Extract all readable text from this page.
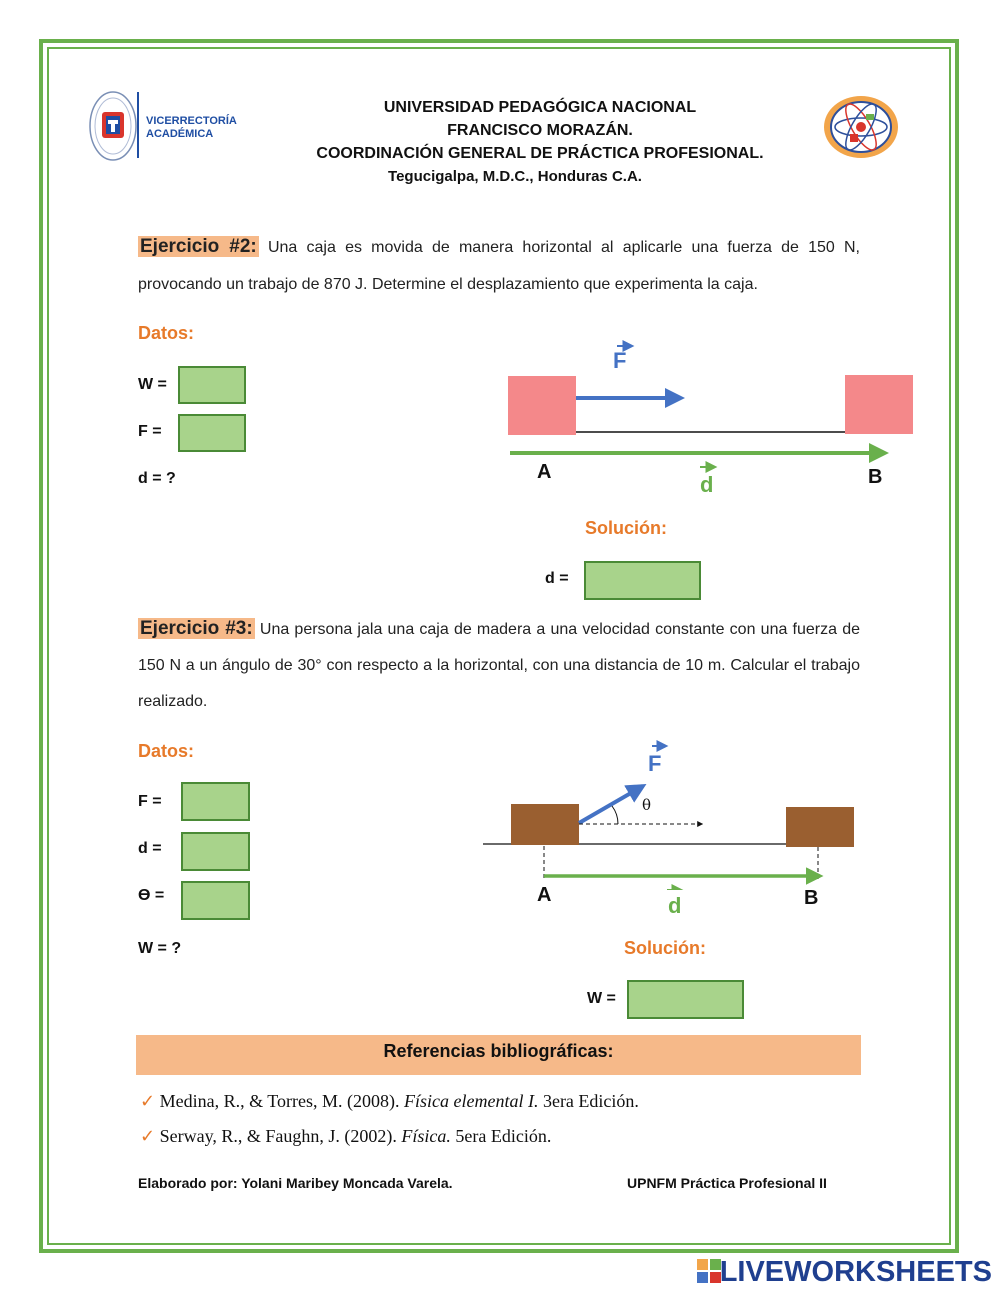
VICERRECTORÍA
ACADÉMICA
UNIVERSIDAD PEDAGÓGICA NACIONAL
FRANCISCO MORAZÁN.
COORDINACIÓN GENERAL DE PRÁCTICA PROFESIONAL.
Tegucigalpa, M.D.C., Honduras C.A.
Ejercicio #2: Una caja es movida de manera horizontal al aplicarle una fuerza de 150 N, provocando un trabajo de 870 J. Determine el desplazamiento que experimenta la caja.
Datos:
W =
F =
d = ?
F
A	d	B
Solución:
d =
Ejercicio #3: Una persona jala una caja de madera a una velocidad constante con una fuerza de 150 N a un ángulo de 30° con respecto a la horizontal, con una distancia de 10 m. Calcular el trabajo realizado.
Datos:
F =
d =
ϴ =
W = ?
F
θ
A	d	B
Solución:
W =
Referencias bibliográficas:
✓ Medina, R., & Torres, M. (2008). Física elemental I. 3era Edición.
✓ Serway, R., & Faughn, J. (2002). Física. 5era Edición.
Elaborado por: Yolani Maribey Moncada Varela.	UPNFM Práctica Profesional II
LIVEWORKSHEETS
